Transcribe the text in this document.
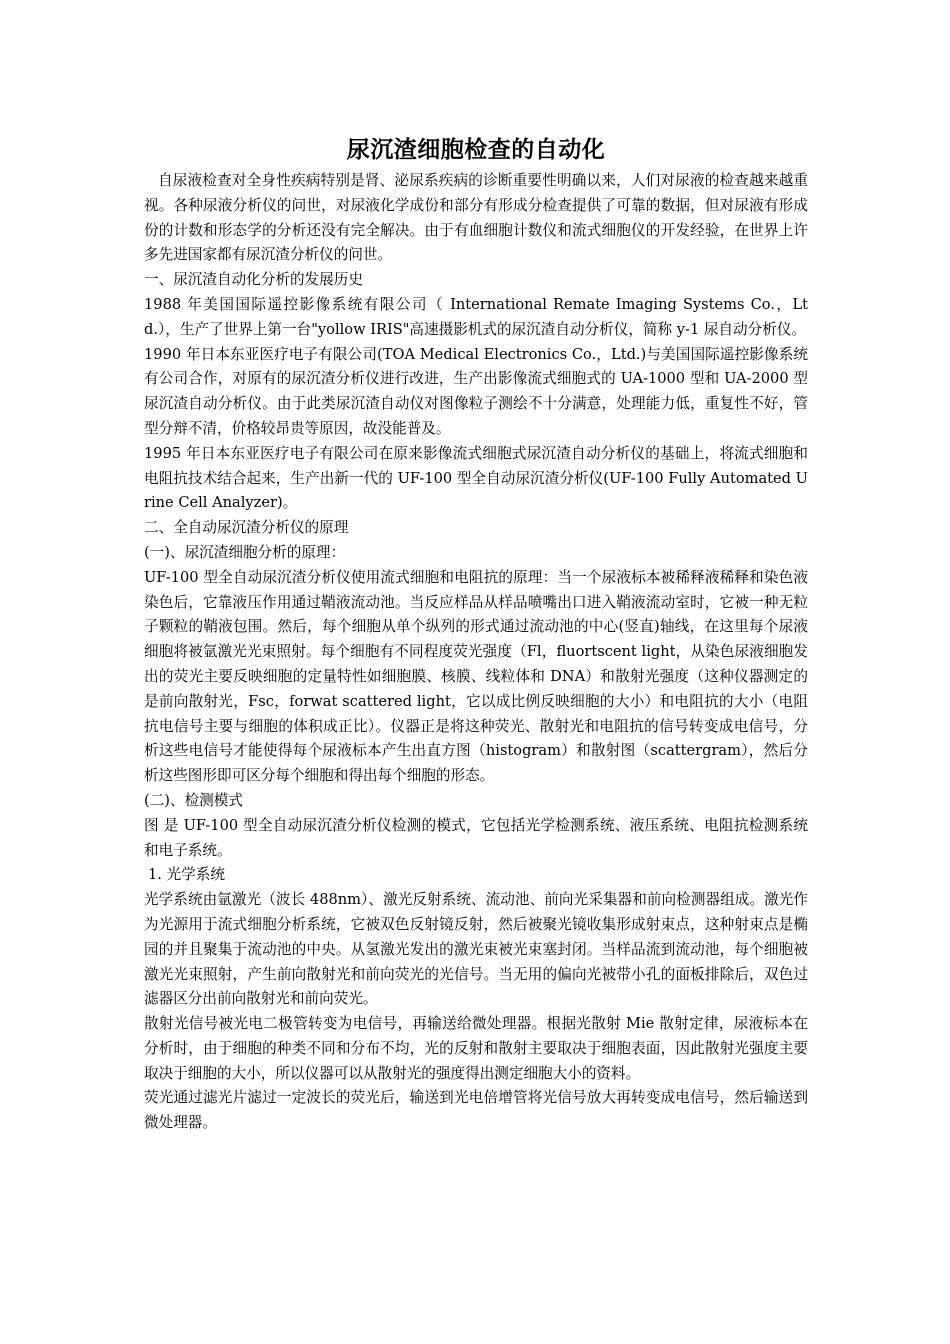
尿沉渣细胞检查的自动化

自尿液检查对全身性疾病特别是肾、泌尿系疾病的诊断重要性明确以来，人们对尿液的检查越来越重视。各种尿液分析仪的问世，对尿液化学成份和部分有形成分检查提供了可靠的数据，但对尿液有形成份的计数和形态学的分析还没有完全解决。由于有血细胞计数仪和流式细胞仪的开发经验，在世界上许多先进国家都有尿沉渣分析仪的问世。

一、尿沉渣自动化分析的发展历史

1988 年美国国际遥控影像系统有限公司（ International Remate Imaging Systems Co.，Ltd.），生产了世界上第一台"yollow IRIS"高速摄影机式的尿沉渣自动分析仪，简称 y-1 尿自动分析仪。

1990 年日本东亚医疗电子有限公司(TOA Medical Electronics Co.，Ltd.)与美国国际遥控影像系统有公司合作，对原有的尿沉渣分析仪进行改进，生产出影像流式细胞式的 UA-1000 型和 UA-2000 型尿沉渣自动分析仪。由于此类尿沉渣自动仪对图像粒子测绘不十分满意，处理能力低，重复性不好，管型分辩不清，价格较昂贵等原因，故没能普及。

1995 年日本东亚医疗电子有限公司在原来影像流式细胞式尿沉渣自动分析仪的基础上，将流式细胞和电阻抗技术结合起来，生产出新一代的 UF-100 型全自动尿沉渣分析仪(UF-100 Fully Automated Urine Cell Analyzer)。

二、全自动尿沉渣分析仪的原理

(一)、尿沉渣细胞分析的原理：

UF-100 型全自动尿沉渣分析仪使用流式细胞和电阻抗的原理：当一个尿液标本被稀释液稀释和染色液染色后，它靠液压作用通过鞘液流动池。当反应样品从样品喷嘴出口进入鞘液流动室时，它被一种无粒子颗粒的鞘液包围。然后，每个细胞从单个纵列的形式通过流动池的中心(竖直)轴线，在这里每个尿液细胞将被氩激光光束照射。每个细胞有不同程度荧光强度（Fl，fluortscent light，从染色尿液细胞发出的荧光主要反映细胞的定量特性如细胞膜、核膜、线粒体和 DNA）和散射光强度（这种仪器测定的是前向散射光，Fsc，forwat scattered light，它以成比例反映细胞的大小）和电阻抗的大小（电阻抗电信号主要与细胞的体积成正比）。仪器正是将这种荧光、散射光和电阻抗的信号转变成电信号，分析这些电信号才能使得每个尿液标本产生出直方图（histogram）和散射图（scattergram），然后分析这些图形即可区分每个细胞和得出每个细胞的形态。

(二)、检测模式

图 是 UF-100 型全自动尿沉渣分析仪检测的模式，它包括光学检测系统、液压系统、电阻抗检测系统和电子系统。

1. 光学系统

光学系统由氩激光（波长 488nm）、激光反射系统、流动池、前向光采集器和前向检测器组成。激光作为光源用于流式细胞分析系统，它被双色反射镜反射，然后被聚光镜收集形成射束点，这种射束点是椭园的并且聚集于流动池的中央。从氢激光发出的激光束被光束塞封闭。当样品流到流动池，每个细胞被激光光束照射，产生前向散射光和前向荧光的光信号。当无用的偏向光被带小孔的面板排除后，双色过滤器区分出前向散射光和前向荧光。

散射光信号被光电二极管转变为电信号，再输送给微处理器。根据光散射 Mie 散射定律，尿液标本在分析时，由于细胞的种类不同和分布不均，光的反射和散射主要取决于细胞表面，因此散射光强度主要取决于细胞的大小，所以仪器可以从散射光的强度得出测定细胞大小的资料。

荧光通过滤光片滤过一定波长的荧光后，输送到光电倍增管将光信号放大再转变成电信号，然后输送到微处理器。
